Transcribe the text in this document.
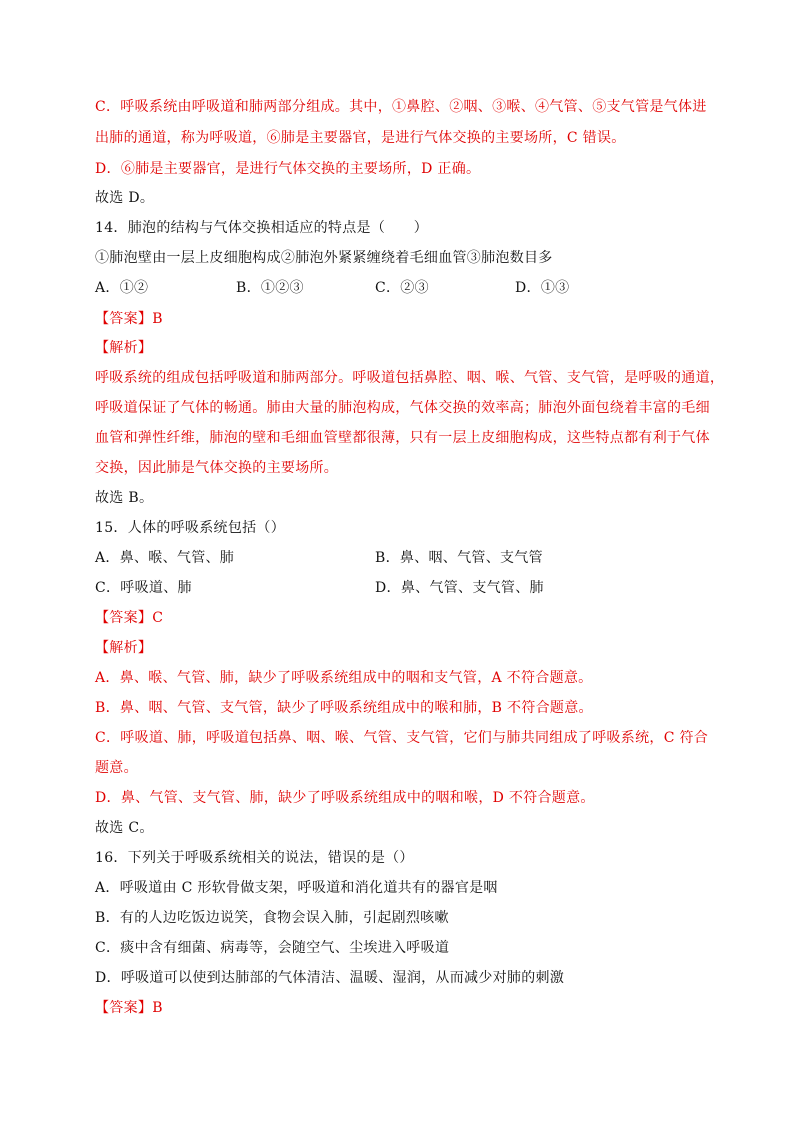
C．呼吸系统由呼吸道和肺两部分组成。其中，①鼻腔、②咽、③喉、④气管、⑤支气管是气体进
出肺的通道，称为呼吸道，⑥肺是主要器官，是进行气体交换的主要场所，C 错误。
D．⑥肺是主要器官，是进行气体交换的主要场所，D 正确。
故选 D。
14．肺泡的结构与气体交换相适应的特点是（　　）
①肺泡壁由一层上皮细胞构成②肺泡外紧紧缠绕着毛细血管③肺泡数目多
A．①②	B．①②③	C．②③	D．①③
【答案】B
【解析】
呼吸系统的组成包括呼吸道和肺两部分。呼吸道包括鼻腔、咽、喉、气管、支气管，是呼吸的通道，
呼吸道保证了气体的畅通。肺由大量的肺泡构成，气体交换的效率高；肺泡外面包绕着丰富的毛细
血管和弹性纤维，肺泡的壁和毛细血管壁都很薄，只有一层上皮细胞构成，这些特点都有利于气体
交换，因此肺是气体交换的主要场所。
故选 B。
15．人体的呼吸系统包括（）
A．鼻、喉、气管、肺	B．鼻、咽、气管、支气管
C．呼吸道、肺	D．鼻、气管、支气管、肺
【答案】C
【解析】
A．鼻、喉、气管、肺，缺少了呼吸系统组成中的咽和支气管，A 不符合题意。
B．鼻、咽、气管、支气管，缺少了呼吸系统组成中的喉和肺，B 不符合题意。
C．呼吸道、肺，呼吸道包括鼻、咽、喉、气管、支气管，它们与肺共同组成了呼吸系统，C 符合
题意。
D．鼻、气管、支气管、肺，缺少了呼吸系统组成中的咽和喉，D 不符合题意。
故选 C。
16．下列关于呼吸系统相关的说法，错误的是（）
A．呼吸道由 C 形软骨做支架，呼吸道和消化道共有的器官是咽
B．有的人边吃饭边说笑，食物会误入肺，引起剧烈咳嗽
C．痰中含有细菌、病毒等，会随空气、尘埃进入呼吸道
D．呼吸道可以使到达肺部的气体清洁、温暖、湿润，从而减少对肺的刺激
【答案】B
